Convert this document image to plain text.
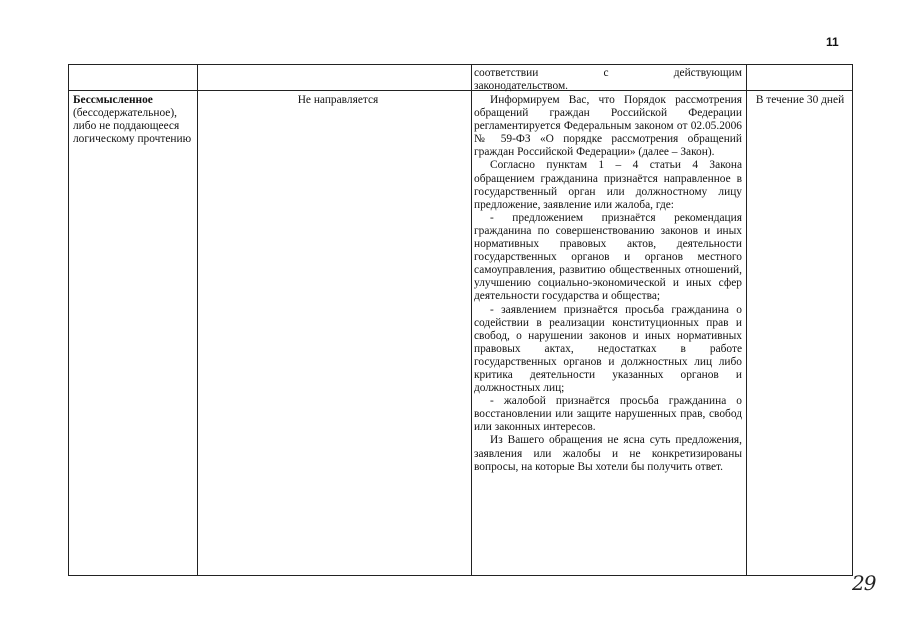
11
соответствии с действующим
законодательством.
Бессмысленное (бессодержательное), либо не поддающееся логическому прочтению
Не направляется	Информируем Вас, что Порядок рассмотрения обращений граждан Российской Федерации регламентируется Федеральным законом от 02.05.2006 № 59-ФЗ «О порядке рассмотрения обращений граждан Российской Федерации» (далее – Закон).

Согласно пунктам 1 – 4 статьи 4 Закона обращением гражданина признаётся направленное в государственный орган или должностному лицу предложение, заявление или жалоба, где:

- предложением признаётся рекомендация гражданина по совершенствованию законов и иных нормативных правовых актов, деятельности государственных органов и органов местного самоуправления, развитию общественных отношений, улучшению социально-экономической и иных сфер деятельности государства и общества;

- заявлением признаётся просьба гражданина о содействии в реализации конституционных прав и свобод, о нарушении законов и иных нормативных правовых актах, недостатках в работе государственных органов и должностных лиц либо критика деятельности указанных органов и должностных лиц;

- жалобой признаётся просьба гражданина о восстановлении или защите нарушенных прав, свобод или законных интересов.

Из Вашего обращения не ясна суть предложения, заявления или жалобы и не конкретизированы вопросы, на которые Вы хотели бы получить ответ.

В течение 30 дней
29
